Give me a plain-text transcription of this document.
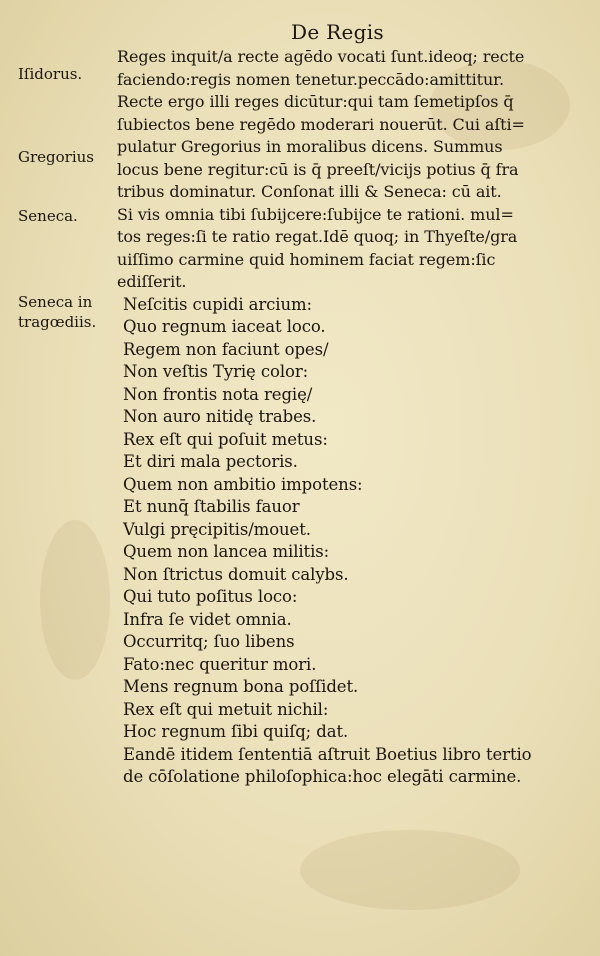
De Regis
Iſidorus.
Gregorius
Seneca.
Seneca in
tragœdiis.
Reges inquit/a recte agēdo vocati ſunt.ideoq; recte
faciendo:regis nomen tenetur.peccādo:amittitur.
Recte ergo illi reges dicūtur:qui tam ſemetipſos q̄
ſubiectos bene regēdo moderari nouerūt. Cui aſti=
pulatur Gregorius in moralibus dicens. Summus
locus bene regitur:cū is q̄ preeſt/vicijs potius q̄ fra
tribus dominatur. Conſonat illi & Seneca: cū ait.
Si vis omnia tibi ſubijcere:ſubijce te rationi. mul=
tos reges:ſi te ratio regat.Idē quoq; in Thyeſte/gra
uiſſimo carmine quid hominem faciat regem:ſic
ediſſerit.
Neſcitis cupidi arcium:
Quo regnum iaceat loco.
Regem non faciunt opes/
Non veſtis Tyrię color:
Non frontis nota regię/
Non auro nitidę trabes.
Rex eſt qui poſuit metus:
Et diri mala pectoris.
Quem non ambitio impotens:
Et nunq̄ ſtabilis fauor
Vulgi pręcipitis/mouet.
Quem non lancea militis:
Non ſtrictus domuit calybs.
Qui tuto poſitus loco:
Infra ſe videt omnia.
Occurritq; ſuo libens
Fato:nec queritur mori.
Mens regnum bona poſſidet.
Rex eſt qui metuit nichil:
Hoc regnum ſibi quiſq; dat.
Eandē itidem ſententiā aſtruit Boetius libro tertio
de cōſolatione philoſophica:hoc elegāti carmine.
